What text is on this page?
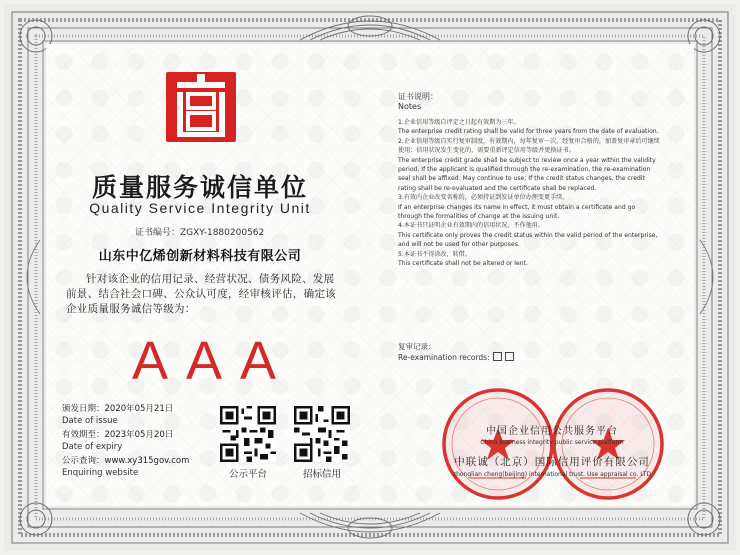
质量服务诚信单位
Quality Service Integrity Unit
证书编号：ZGXY-1880200562
山东中亿烯创新材料科技有限公司
针对该企业的信用记录、经营状况、债务风险、发展前景、结合社会口碑、公众认可度，经审核评估，确定该企业质量服务诚信等级为：
AAA
颁发日期：2020年05月21日
Date of issue
有效期至：2023年05月20日
Date of expiry
公示查询：www.xy315gov.com
Enquiring website	公示平台	招标信用
证书说明：
Notes

1.企业信用等级自评定之日起有效期为三年。

The enterprise credit rating shall be valid for three years from the date of evaluation.

2.企业信用等级自实行复审制度，有效期内，每年复审一次。经复审合格的，加盖复审章后可继续使用；信用状况发生变化的，需要重新评定信用等级并更换证书。

The enterprise credit grade shall be subject to review once a year within the validity period. If the applicant is qualified through the re-examination, the re-examination seal shall be affixed. May continue to use; If the credit status changes, the credit rating shall be re-evaluated and the certificate shall be replaced.

3.有效内企业改变名称的，必须持证到发证单位办理变更手续。

If an enterprise changes its name in effect, it must obtain a certificate and go through the formalities of change at the issuing unit.

4.本证书只证明企业有效期内的信用状况，不作他用。

This certificate only proves the credit status within the valid period of the enterprise, and will not be used for other purposes.

5.本证书不得涂改，转借。

This certificate shall not be altered or lent.

复审记录：
Re-examination records:
中国企业信用公共服务平台
China business integrity public service platform
中联诚（北京）国际信用评价有限公司
zhonglian cheng(beijing) international trust. Use appraisal co. LTD
